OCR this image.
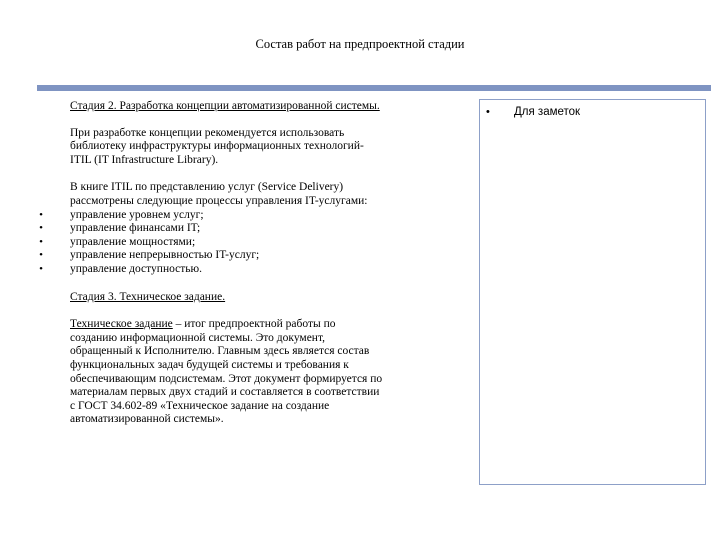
Состав работ на предпроектной стадии

Стадия 2. Разработка концепции автоматизированной системы.

При разработке концепции рекомендуется использовать
библиотеку инфраструктуры информационных технологий-
ITIL (IT Infrastructure Library).
В книге ITIL по представлению услуг (Service Delivery)
рассмотрены следующие процессы управления IT-услугами:
• управление уровнем услуг;
• управление финансами IT;
• управление мощностями;
• управление непрерывностью IT-услуг;
• управление доступностью.

Стадия 3. Техническое задание.

Техническое задание – итог предпроектной работы по
созданию информационной системы. Это документ,
обращенный к Исполнителю. Главным здесь является состав
функциональных задач будущей системы и требования к
обеспечивающим подсистемам. Этот документ формируется по
материалам первых двух стадий и составляется в соответствии
с ГОСТ 34.602-89 «Техническое задание на создание
автоматизированной системы».
• Для заметок
